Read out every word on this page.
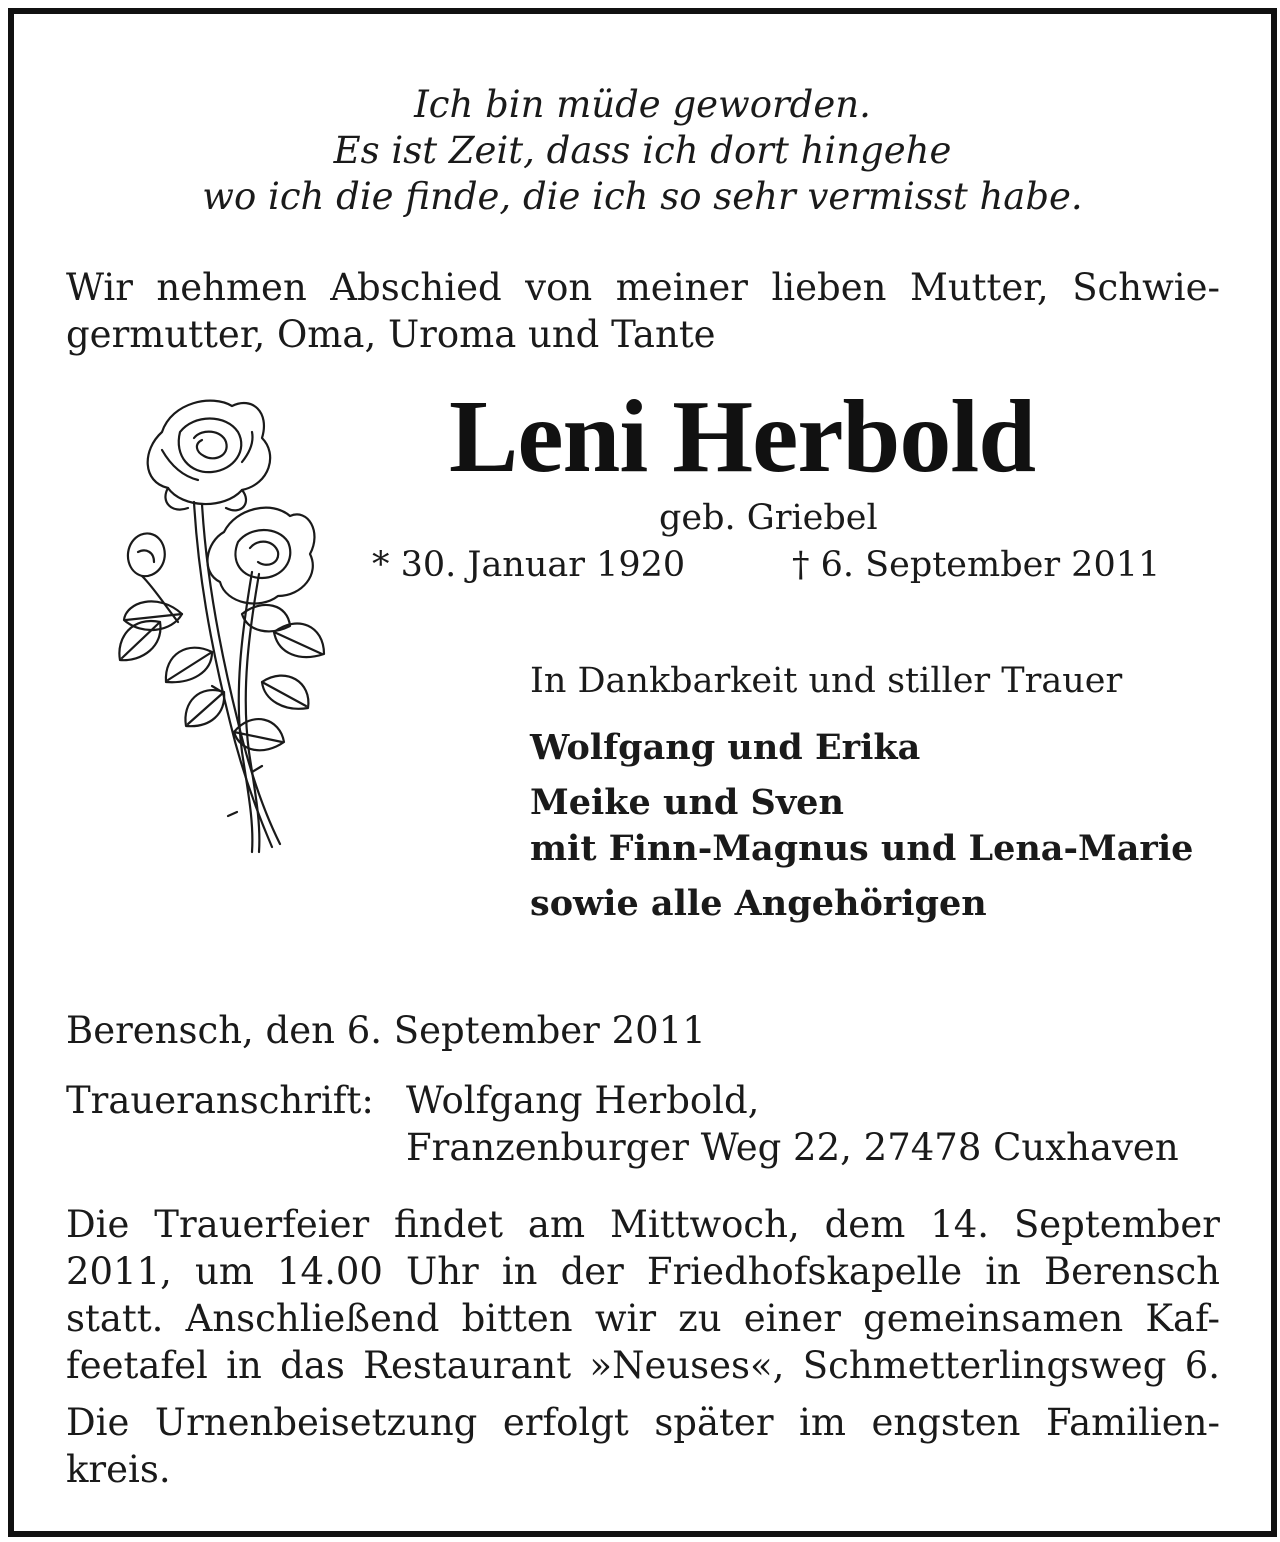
Ich bin müde geworden.
Es ist Zeit, dass ich dort hingehe
wo ich die finde, die ich so sehr vermisst habe.
Wir nehmen Abschied von meiner lieben Mutter, Schwie-
germutter, Oma, Uroma und Tante
Leni Herbold
geb. Griebel
* 30. Januar 1920	† 6. September 2011
In Dankbarkeit und stiller Trauer
Wolfgang und Erika
Meike und Sven
mit Finn-Magnus und Lena-Marie
sowie alle Angehörigen
Berensch, den 6. September 2011
Traueranschrift: Wolfgang Herbold,
Franzenburger Weg 22, 27478 Cuxhaven
Die Trauerfeier findet am Mittwoch, dem 14. September
2011, um 14.00 Uhr in der Friedhofskapelle in Berensch
statt. Anschließend bitten wir zu einer gemeinsamen Kaf-
feetafel in das Restaurant »Neuses«, Schmetterlingsweg 6.
Die Urnenbeisetzung erfolgt später im engsten Familien-
kreis.
